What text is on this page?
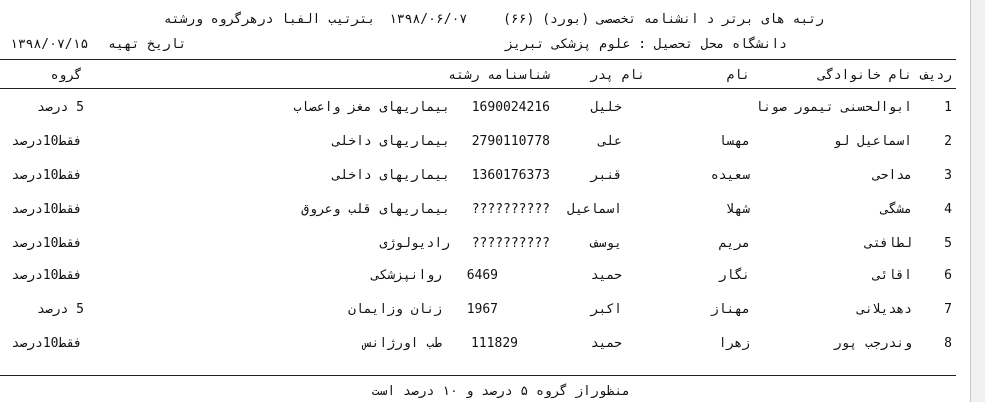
رتبه های برتر د انشنامه تخصصی (بورد) (۶۶) ۱۳۹۸/۰۶/۰۷ بترتیب الفبا درهرگروه ورشته
دانشگاه محل تحصیل : علوم پزشکی تبریز
تاریخ تهیه ۱۳۹۸/۰۷/۱۵
ردیف
نام خانوادگی
نام
نام پدر
شناسنامه رشته
گروه
1
ابوالحسنی تیمور صونا
خلیل
1690024216
بیماریهای مغز واعصاب
5 درصد
2
اسماعیل لو
مهسا
علی
2790110778
بیماریهای داخلی
فقط10درصد
3
مداحی
سعیده
قنبر
1360176373
بیماریهای داخلی
فقط10درصد
4
مشگی
شهلا
اسماعیل
??????????
بیماریهای قلب وعروق
فقط10درصد
5
لطافتی
مریم
یوسف
??????????
رادیولوژی
فقط10درصد
6
اقائی
نگار
حمید
6469
روانپزشکی
فقط10درصد
7
دهدیلانی
مهناز
اکبر
1967
زنان وزایمان
5 درصد
8
وندرجب پور
زهرا
حمید
111829
طب اورژانس
فقط10درصد
منظوراز گروه ۵ درصد و ۱۰ درصد است
